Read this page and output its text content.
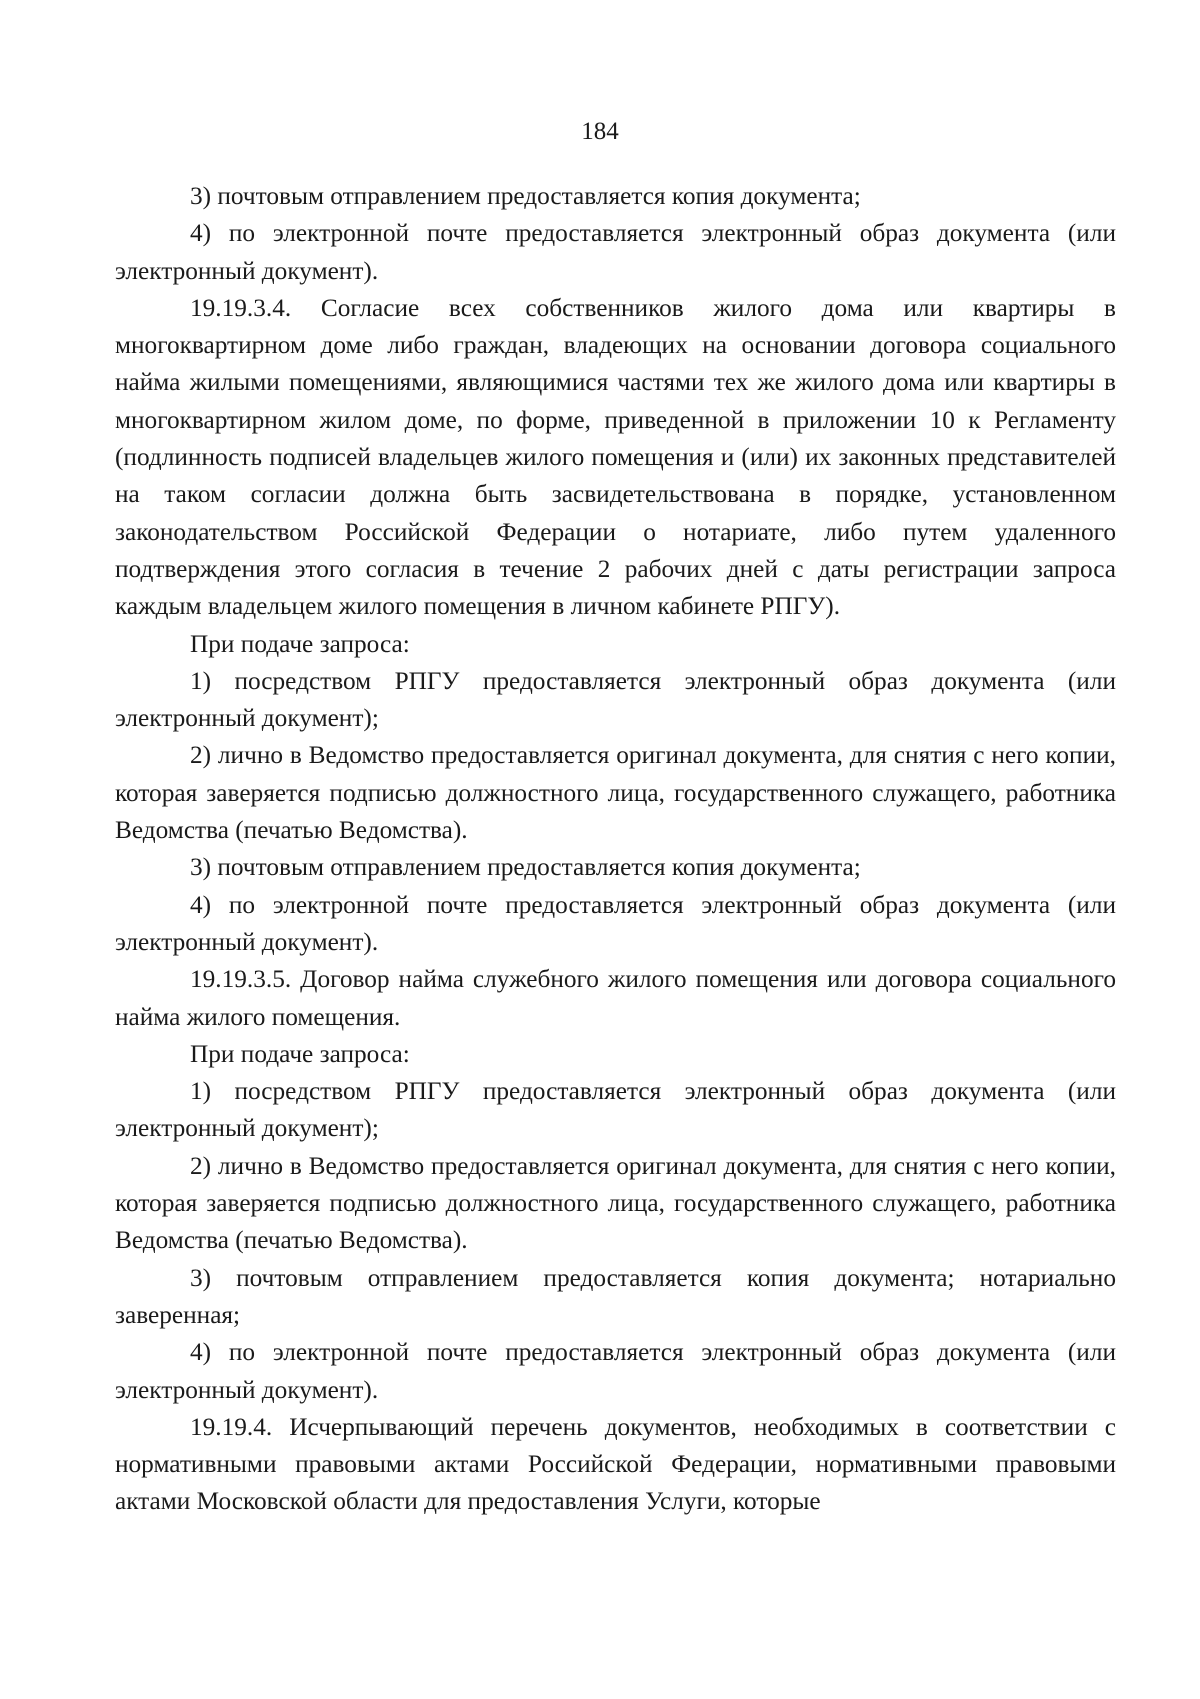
184

3) почтовым отправлением предоставляется копия документа;

4) по электронной почте предоставляется электронный образ документа (или электронный документ).

19.19.3.4. Согласие всех собственников жилого дома или квартиры в многоквартирном доме либо граждан, владеющих на основании договора социального найма жилыми помещениями, являющимися частями тех же жилого дома или квартиры в многоквартирном жилом доме, по форме, приведенной в приложении 10 к Регламенту (подлинность подписей владельцев жилого помещения и (или) их законных представителей на таком согласии должна быть засвидетельствована в порядке, установленном законодательством Российской Федерации о нотариате, либо путем удаленного подтверждения этого согласия в течение 2 рабочих дней с даты регистрации запроса каждым владельцем жилого помещения в личном кабинете РПГУ).

При подаче запроса:

1) посредством РПГУ предоставляется электронный образ документа (или электронный документ);

2) лично в Ведомство предоставляется оригинал документа, для снятия с него копии, которая заверяется подписью должностного лица, государственного служащего, работника Ведомства (печатью Ведомства).

3) почтовым отправлением предоставляется копия документа;

4) по электронной почте предоставляется электронный образ документа (или электронный документ).

19.19.3.5. Договор найма служебного жилого помещения или договора социального найма жилого помещения.

При подаче запроса:

1) посредством РПГУ предоставляется электронный образ документа (или электронный документ);

2) лично в Ведомство предоставляется оригинал документа, для снятия с него копии, которая заверяется подписью должностного лица, государственного служащего, работника Ведомства (печатью Ведомства).

3) почтовым отправлением предоставляется копия документа; нотариально заверенная;

4) по электронной почте предоставляется электронный образ документа (или электронный документ).

19.19.4. Исчерпывающий перечень документов, необходимых в соответствии с нормативными правовыми актами Российской Федерации, нормативными правовыми актами Московской области для предоставления Услуги, которые
